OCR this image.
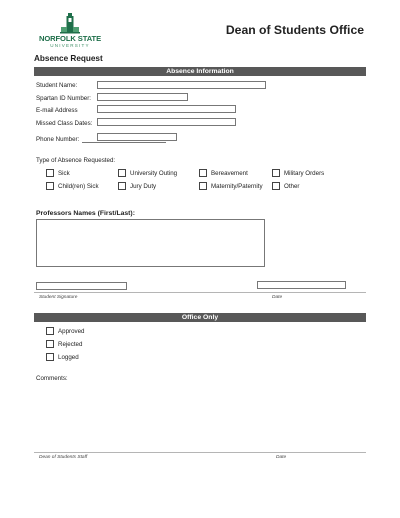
NORFOLK STATE
UNIVERSITY
Dean of Students Office
Absence Request
Absence Information
Student Name:
Spartan ID Number:
E-mail Address
Missed Class Dates:
Phone Number:
Type of Absence Requested:
Sick	University Outing	Bereavement	Military Orders
Child(ren) Sick	Jury Duty	Maternity/Paternity	Other
Professors Names (First/Last):
Student Signature	Date
Office Only
Approved
Rejected
Logged
Comments:
Dean of Students Staff	Date
